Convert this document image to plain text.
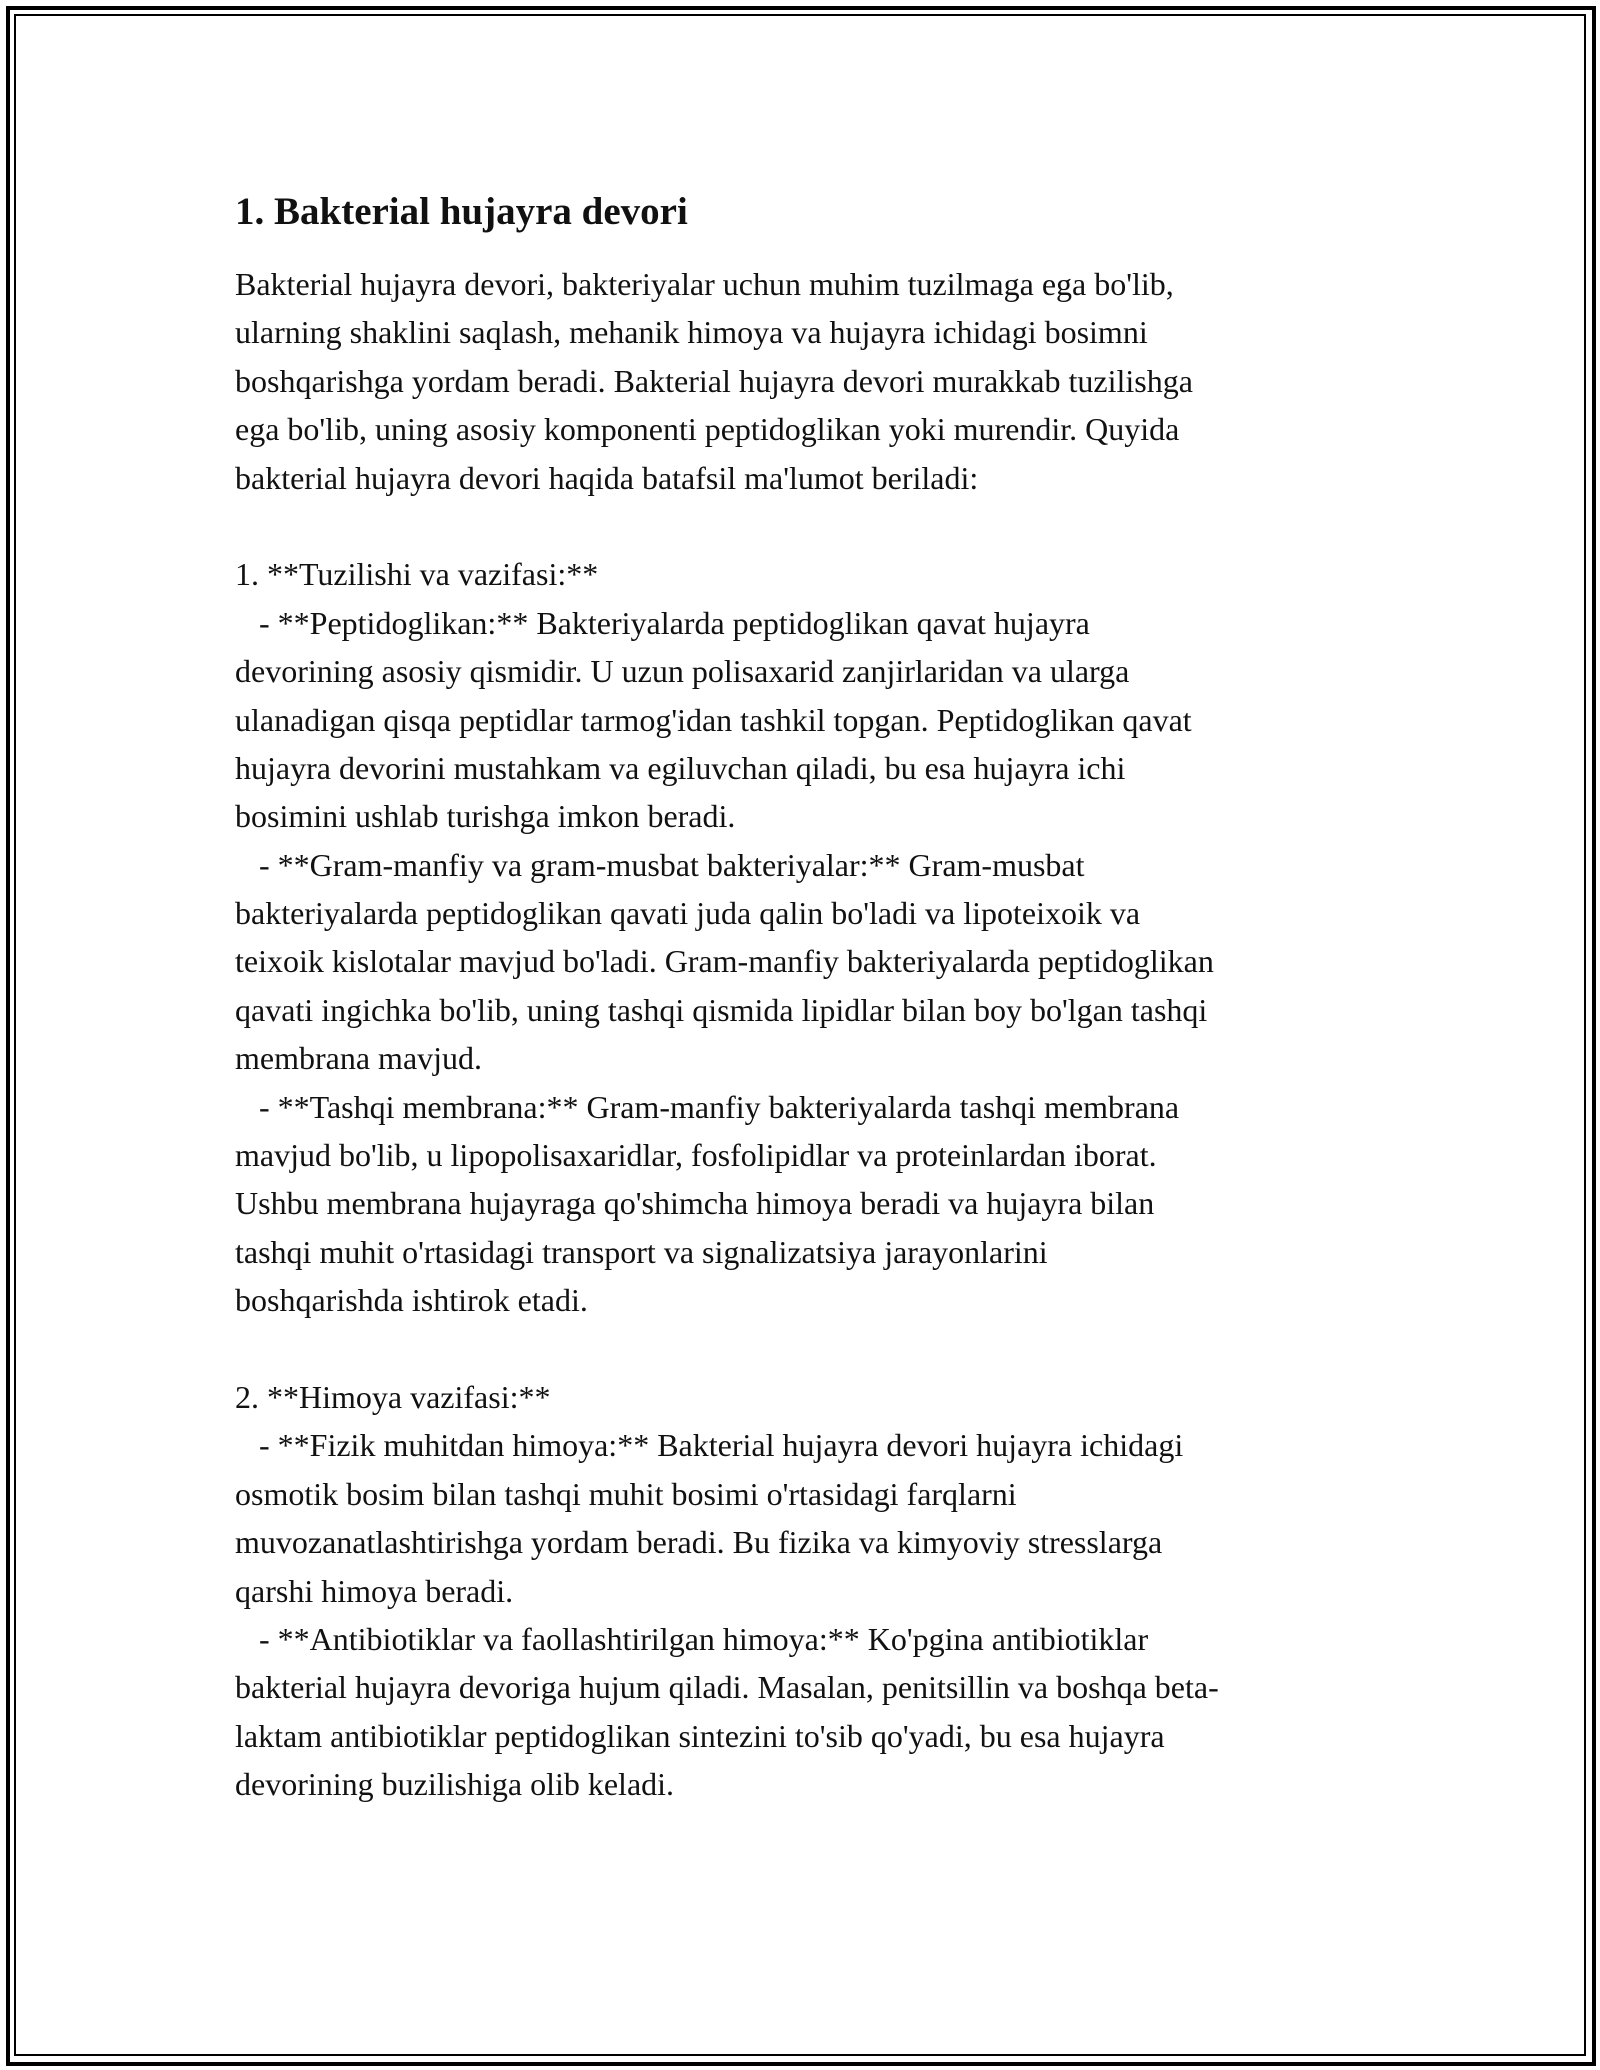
1. Bakterial hujayra devori
Bakterial hujayra devori, bakteriyalar uchun muhim tuzilmaga ega bo'lib,
ularning shaklini saqlash, mehanik himoya va hujayra ichidagi bosimni
boshqarishga yordam beradi. Bakterial hujayra devori murakkab tuzilishga
ega bo'lib, uning asosiy komponenti peptidoglikan yoki murendir. Quyida
bakterial hujayra devori haqida batafsil ma'lumot beriladi:

1. **Tuzilishi va vazifasi:**
- **Peptidoglikan:** Bakteriyalarda peptidoglikan qavat hujayra
devorining asosiy qismidir. U uzun polisaxarid zanjirlaridan va ularga
ulanadigan qisqa peptidlar tarmog'idan tashkil topgan. Peptidoglikan qavat
hujayra devorini mustahkam va egiluvchan qiladi, bu esa hujayra ichi
bosimini ushlab turishga imkon beradi.
- **Gram-manfiy va gram-musbat bakteriyalar:** Gram-musbat
bakteriyalarda peptidoglikan qavati juda qalin bo'ladi va lipoteixoik va
teixoik kislotalar mavjud bo'ladi. Gram-manfiy bakteriyalarda peptidoglikan
qavati ingichka bo'lib, uning tashqi qismida lipidlar bilan boy bo'lgan tashqi
membrana mavjud.
- **Tashqi membrana:** Gram-manfiy bakteriyalarda tashqi membrana
mavjud bo'lib, u lipopolisaxaridlar, fosfolipidlar va proteinlardan iborat.
Ushbu membrana hujayraga qo'shimcha himoya beradi va hujayra bilan
tashqi muhit o'rtasidagi transport va signalizatsiya jarayonlarini
boshqarishda ishtirok etadi.

2. **Himoya vazifasi:**
- **Fizik muhitdan himoya:** Bakterial hujayra devori hujayra ichidagi
osmotik bosim bilan tashqi muhit bosimi o'rtasidagi farqlarni
muvozanatlashtirishga yordam beradi. Bu fizika va kimyoviy stresslarga
qarshi himoya beradi.
- **Antibiotiklar va faollashtirilgan himoya:** Ko'pgina antibiotiklar
bakterial hujayra devoriga hujum qiladi. Masalan, penitsillin va boshqa beta-
laktam antibiotiklar peptidoglikan sintezini to'sib qo'yadi, bu esa hujayra
devorining buzilishiga olib keladi.
